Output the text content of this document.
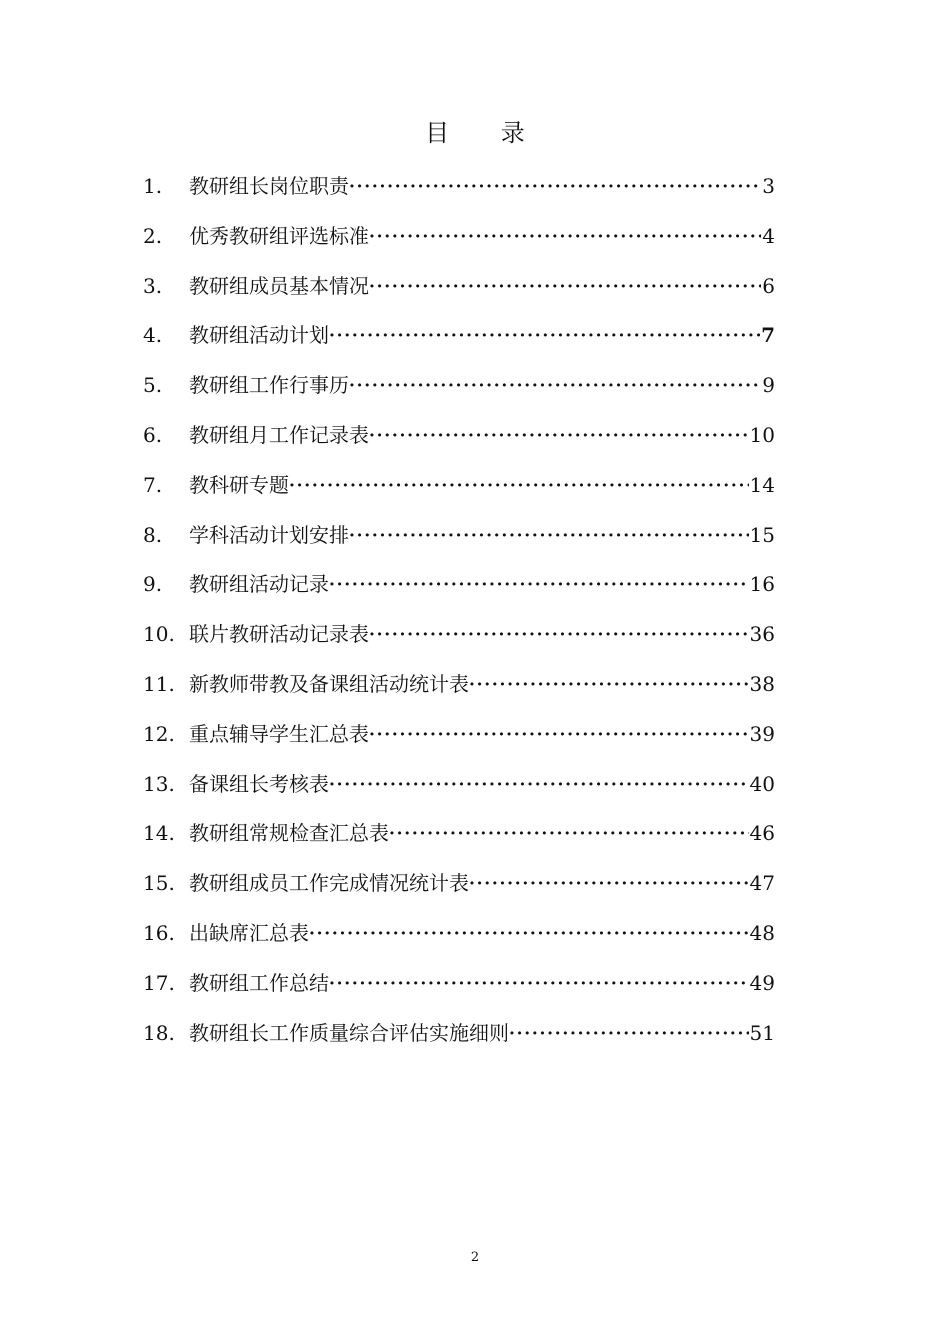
目 录
1.	教研组长岗位职责 ·····	3
2.	优秀教研组评选标准 ·····	4
3.	教研组成员基本情况 ·····	6
4.	教研组活动计划 ·····	7
5.	教研组工作行事历 ·····	9
6.	教研组月工作记录表 ·····	10
7.	教科研专题 ·····	14
8.	学科活动计划安排 ·····	15
9.	教研组活动记录 ·····	16
10. 联片教研活动记录表 ·····	36
11. 新教师带教及备课组活动统计表 ·····	38
12. 重点辅导学生汇总表 ·····	39
13. 备课组长考核表 ·····	40
14. 教研组常规检查汇总表 ·····	46
15. 教研组成员工作完成情况统计表 ·····	47
16. 出缺席汇总表 ·····	48
17. 教研组工作总结 ·····	49
18. 教研组长工作质量综合评估实施细则 ·····	51
2
